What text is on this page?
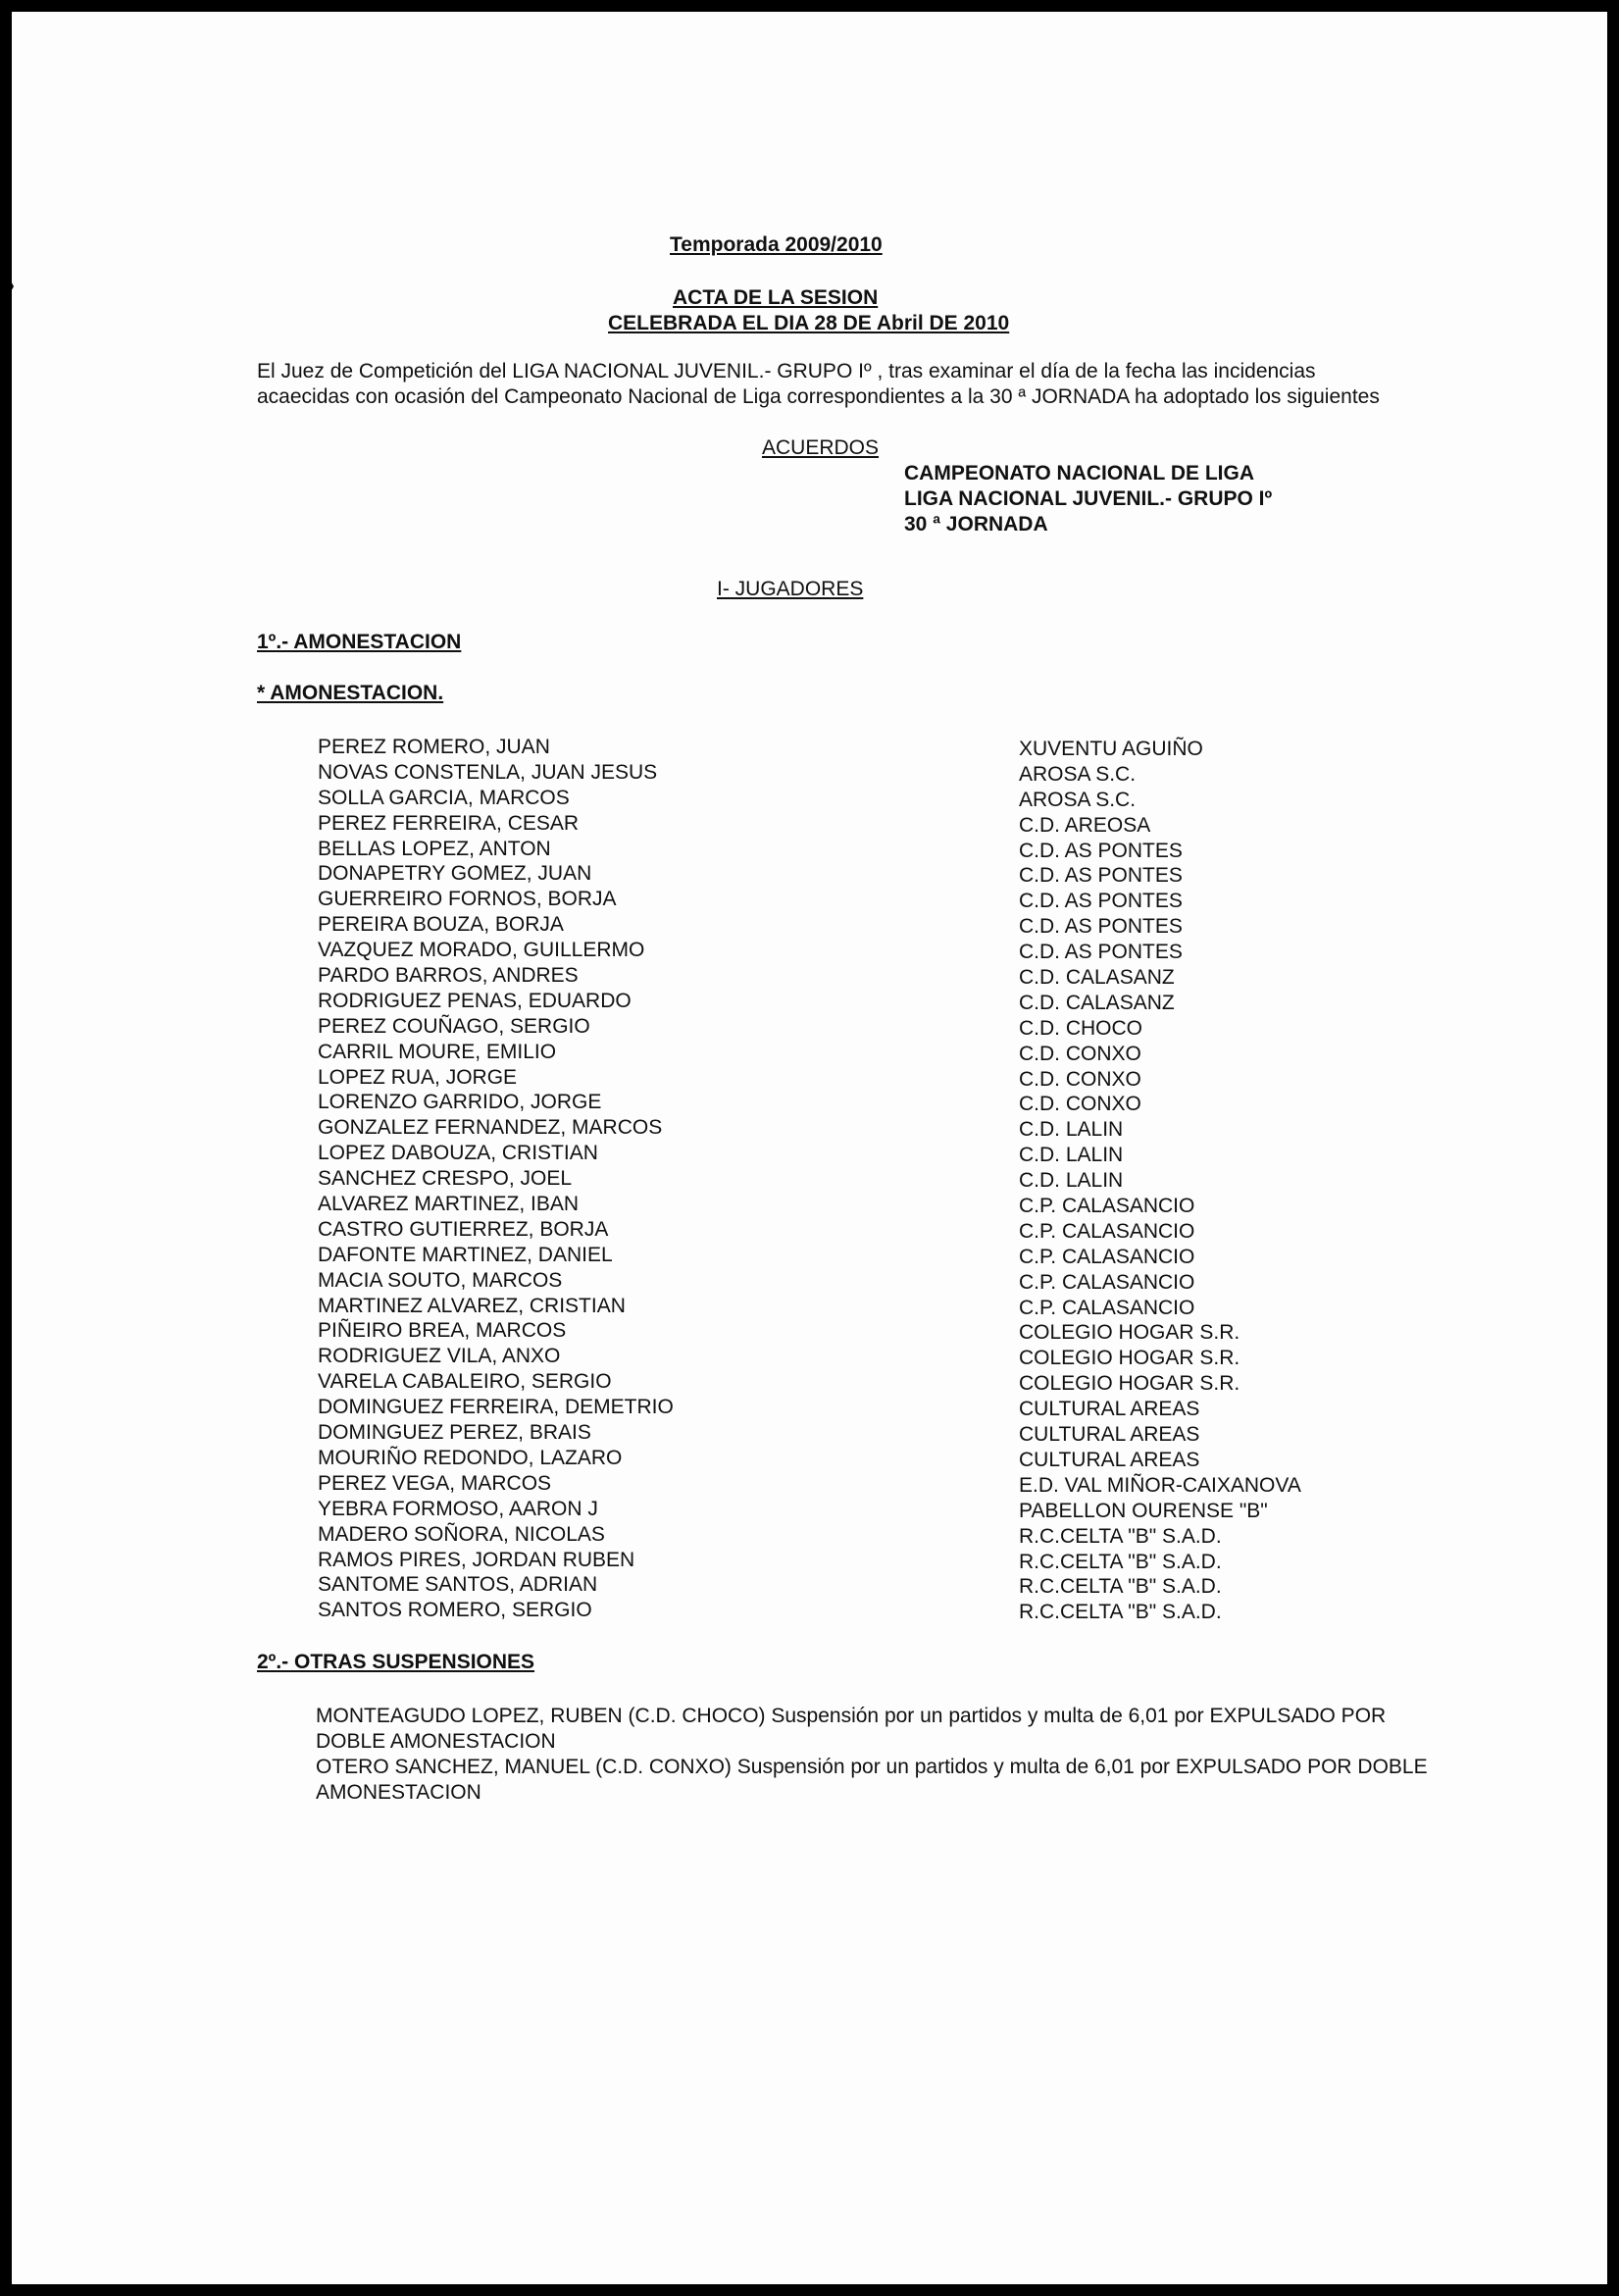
Temporada 2009/2010
ACTA DE LA SESION
CELEBRADA EL DIA 28 DE Abril DE 2010
El Juez de Competición del LIGA NACIONAL JUVENIL.- GRUPO Iº , tras examinar el día de la fecha las incidencias
acaecidas con ocasión del Campeonato Nacional de Liga correspondientes a la 30 ª JORNADA ha adoptado los siguientes
ACUERDOS
CAMPEONATO NACIONAL DE LIGA
LIGA NACIONAL JUVENIL.- GRUPO Iº
30 ª JORNADA
I- JUGADORES
1º.- AMONESTACION
* AMONESTACION.
PEREZ ROMERO, JUAN
NOVAS CONSTENLA, JUAN JESUS
SOLLA GARCIA, MARCOS
PEREZ FERREIRA, CESAR
BELLAS LOPEZ, ANTON
DONAPETRY GOMEZ, JUAN
GUERREIRO FORNOS, BORJA
PEREIRA BOUZA, BORJA
VAZQUEZ MORADO, GUILLERMO
PARDO BARROS, ANDRES
RODRIGUEZ PENAS, EDUARDO
PEREZ COUÑAGO, SERGIO
CARRIL MOURE, EMILIO
LOPEZ RUA, JORGE
LORENZO GARRIDO, JORGE
GONZALEZ FERNANDEZ, MARCOS
LOPEZ DABOUZA, CRISTIAN
SANCHEZ CRESPO, JOEL
ALVAREZ MARTINEZ, IBAN
CASTRO GUTIERREZ, BORJA
DAFONTE MARTINEZ, DANIEL
MACIA SOUTO, MARCOS
MARTINEZ ALVAREZ, CRISTIAN
PIÑEIRO BREA, MARCOS
RODRIGUEZ VILA, ANXO
VARELA CABALEIRO, SERGIO
DOMINGUEZ FERREIRA, DEMETRIO
DOMINGUEZ PEREZ, BRAIS
MOURIÑO REDONDO, LAZARO
PEREZ VEGA, MARCOS
YEBRA FORMOSO, AARON J
MADERO SOÑORA, NICOLAS
RAMOS PIRES, JORDAN RUBEN
SANTOME SANTOS, ADRIAN
SANTOS ROMERO, SERGIO
XUVENTU AGUIÑO
AROSA S.C.
AROSA S.C.
C.D. AREOSA
C.D. AS PONTES
C.D. AS PONTES
C.D. AS PONTES
C.D. AS PONTES
C.D. AS PONTES
C.D. CALASANZ
C.D. CALASANZ
C.D. CHOCO
C.D. CONXO
C.D. CONXO
C.D. CONXO
C.D. LALIN
C.D. LALIN
C.D. LALIN
C.P. CALASANCIO
C.P. CALASANCIO
C.P. CALASANCIO
C.P. CALASANCIO
C.P. CALASANCIO
COLEGIO HOGAR S.R.
COLEGIO HOGAR S.R.
COLEGIO HOGAR S.R.
CULTURAL AREAS
CULTURAL AREAS
CULTURAL AREAS
E.D. VAL MIÑOR-CAIXANOVA
PABELLON OURENSE "B"
R.C.CELTA "B" S.A.D.
R.C.CELTA "B" S.A.D.
R.C.CELTA "B" S.A.D.
R.C.CELTA "B" S.A.D.
2º.- OTRAS SUSPENSIONES
MONTEAGUDO LOPEZ, RUBEN (C.D. CHOCO) Suspensión por un partidos y multa de 6,01 por EXPULSADO POR
DOBLE AMONESTACION
OTERO SANCHEZ, MANUEL (C.D. CONXO) Suspensión por un partidos y multa de 6,01 por EXPULSADO POR DOBLE
AMONESTACION
